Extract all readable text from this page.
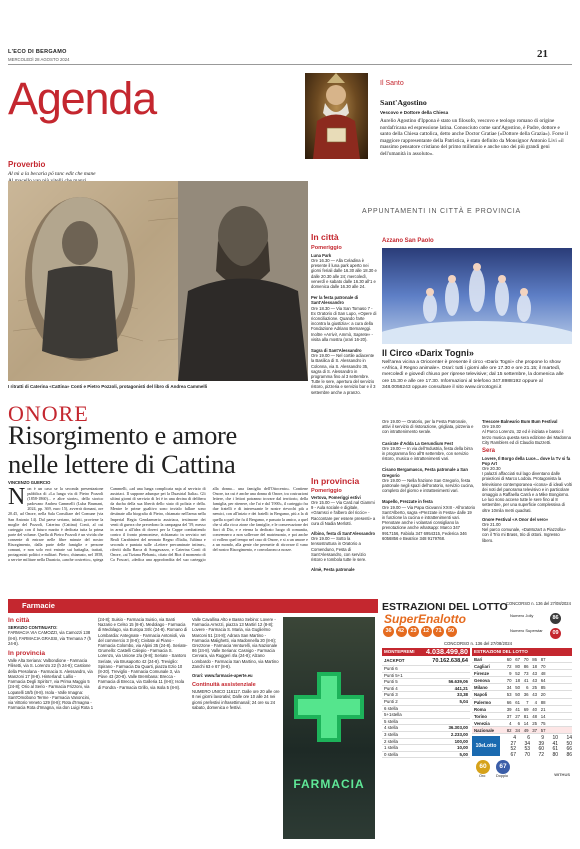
L'ECO DI BERGAMO
MERCOLEDÌ 28 AGOSTO 2024	21
Agenda
Proverbio
Al mì a la becarìa pö tanc edìt che mane
Il Santo
Sant'Agostino
Vescovo e Dottore della Chiesa
Aurelio Agostino d'Ippona è stato un filosofo, vescovo e teologo romano di origine nordafricana ed espressione latina. Conosciuto come sant'Agostino, è Padre, dottore e santo della Chiesa cattolica, detto anche Doctor Gratiae («Dottore della Grazia»). Forse il maggiore rappresentante della Patristica, è stato definito da Monsignor Antonio Livi «il massimo pensatore cristiano del primo millennio e anche uno dei più grandi geni dell'umanità in assoluto».
I ritratti di Caterina «Cattina» Conti e Pietro Pozzoli, protagonisti del libro di Andrea Cammelli
ONORE
Risorgimento e amore
nelle lettere di Cattina
VINCENZO GUERCIO
Non è un caso se la seconda presentazione pubblica di «La lunga via di Pietro Pozzoli (1858-1860)... e altre storie», dello storico padovano Andrea Cammelli (Luba Brumani, 2024, pp. 369, euro 15), avverrà domani, ore 20.45, ad Onore, nella Sala Consiliare del Comune (via San Antonio 14). Dal paese seriano, infatti, proviene la moglie del Pozzoli, Caterina (Cattina) Conti, al cui carteggio con il futuro marito è dedicata tutta la prima parte del volume. Quella di Pietro Pozzoli è un vivida che consente di entrare nelle fibre minute del nostro Risorgimento, dalla parte delle famiglie e persone comuni, e non solo eroi entrate sui battaglia, trattati, protagonisti politici e militari. Pietro, chiamato, nel 1858, a servire militare nella Duastria, «anche costretto», spiega Cammelli, «ad una lunga complicata naja al servizio di austriaci. Il suppone adunque pei la Duastrial Italia». Gli ultimi giorni di servizio di lei è in una decina di delibera da ducha della sua libertà dello stato di polizia e della. Mentre le prime gualtivo sono invialo fallare sono destinate alla biografia di Pietro, chiamato nell'arma nella Imperial Regia Gendarmeria austriaca, testimone dei venti di guerra che precedono la campagna del '59, messo in armi a all'idea di doveri per la Cappe combattendo contro il fronto piemontese, richiamato in servizio nei Reali Carabinieri del neonato Regno d'Italia, l'ultima e seconda e puntata sulle «Lettere precuminate intime», riferiti dalla Barca di Songavazzo, e Caterina Conti di Onore, «ai Tiziana Plebani», citato del Biot il momento di Ca Foscari, «dedica una approfondita del suo carteggio alla donna... una famiglia dell'Ottocento». Contiene Onore, tra cui è anche una donna di Onore, tra costruzioni lettere, che i lettori potranno trovare dal territorio, della famiglia, per ritenere, che l'ai e dal '1900», il carteggio fra due fratelli e di interessante le nostre rievochi più a nemici, con all'inizio e dei fratelli in Bergamo, più a la di quella a quel che fu il Bergamo, e passato la amico, a quel che sì alla ricca zione che famiglie, e le conservazione dei fiori di Dio, e e eterna la dedicato luogo di comunita, convennero a non sollevare del matrimonio, e poi anche ci vollero quel tempo nel caso di Onore, e si a un amore e a un mondo, alla gente che permette di ritrovare il vano del nostro Risorgimento, e convolarono a nozze.
APPUNTAMENTI IN CITTÀ E PROVINCIA
In città
Pomeriggio
Luna Park
Ore 16.30 — Alla Celadina è presente il luna park aperto nei giorni feriali dalle 16.30 alle 18.30 e dalle 20.30 alle 24; mercoledì, venerdì e sabato dalle 16.30 all'1 e domenica dalle 16.30 alle 24.
Per la festa patronale di Sant'Alessandro
Ore 18.30 — Via San Tomaso 7 - Ex Oratorio di San Lupo, «Opere di riconciliazione. Quando l'arte incontra la giustizia»: a cura della Fondazione Adriano Bernareggi. Inoltre «Arrivi!, Ammò, Saprete» - visita alla mostra (orari 16-20).
Sagra di Sant'Alessandro
Ore 19.00 — Nel cortile adiacente la Basilica di S. Alessandro in Colonna, via S. Alessandro 35, sagra di S. Alessandro in programma fino al 3 settembre. Tutte le sere, apertura del servizio ristoro, pizzeria e servizio bar e il 3 settembre anche a pranzo.
In provincia
Pomeriggio
Vertova, Pomeriggi estivi
Ore 15.00 — Via Card.nal Giammi 9 - Aula sociale e digitale, «Gramsci e l'albero del riccio» - Raccontare per essere presenti» a cura di Nadia Merlotti.
Albino, festa di Sant'Alessandro
Ore 19.00 — Sotto la tensostruttura in Oratorio a Comenduno, Festa di Sant'Alessandro, con servizio ristoro e tombola tutte le sere.
Almè, Festa patronale
Azzano San Paolo
Il Circo «Darix Togni»
Nell'area vicina a Oriocenter è presente il circo «Darix Togni» che propone lo show «Africa, il Regno animale». Orari: tutti i giorni alle ore 17.30 e ore 21.15; il martedì, mercoledì e giovedì chiuso per riprese televisive; dal 15 settembre, la domenica alle ore 15.30 e alle ore 17.30. Informazioni al telefono 347.8988192 oppure al 348.0056243 oppure consultare il sito www.circotogni.it
Ore 19.00 — Oratorio, per la Festa Patronale, attivi il servizio di ristorazione, grigliata, pizzeria e con intrattenimento serale.
Casirate d'Adda La Gerundium Fest
Ore 19.00 — In via dell'Industria, festa della birra in programma fino all'8 settembre, con servizio ristoro, musica e intrattenimenti vari.
Cisano Bergamasco, Festa patronale a San Gregorio
Ore 19.00 — Nella frazione San Gregorio, festa patronale negli spazi dell'oratorio, servizio cucina, completo del giorno e intrattenimenti vari.
Mapello, Prezzate in festa
Ore 19.00 — Via Papa Giovanni XXIII - All'oratorio Sant'Alberto, sagra «Prezzate in Festa» dalle 19 in funzione la cucina e intrattenimenti vari. Prenotare anche i volantari consigliano la prenotazione anche whatsapp: Marco 347 9917156, Fabiola 347 6954315, Federica 346 6056856 e Beatrice 348 9179768.
Trescore Balneario Bum Bum Festival
Ore 19.00
Al Parco Lorenzo, 32 ed è iniziata e basso il terzo musica questa sera edizione dei Madonna City Ramblers ed di Claudio Buzzetti.
Sera
Lovere, Il Borgo della Luce... dove la Tv si fa Pop Art
Ore 20.30
I palazzi affacciati sul lago diventano dalle proiezioni di Marco Lodola. Protagonista la televisione contemporanea «icona» di ideali volti dei noti del panorama televisivo e in particolare omaggio a Raffaella Carrà e a Mike Bongiorno. Le luci sono accese tutte le sere fino al 8 settembre, per una superficie complessiva di oltre 10mila metri quadrati.
Onore Festival «A Onor del vero»
Ore 21.00
Nel parco comunale, «DaMozart a Piazzolla» con il Trio mi Brass, trio di ottoni. Ingresso libero.
Farmacie
In città
SERVIZIO CONTINUATO:
FARMACIA VIA CAMOZZI, via Camozzi 138 (8-8). FARMACIA GRASSI, via Tremana 7 (h 24-8).
In provincia
Valle Alta Seriana: Valbondione - Farmacia Filisetti, via S. Lorenzo 22 (h 24-8); Castione della Presolana - Farmacia S. Alessandro, via Manzoni 17 (8-8). Hinterland: Lallio - Farmacia Degli Spirito?, via Prima Maggio 5 (24-8); Orio al Serio - Farmacia Frizzoni, via Lopatelli 18/b (8-8). Isola - Valle Imagna: Sant'Omobono Terme - Farmacia Vanoncini, via Vittorio Veneto 129 (8-8); Rota d'Imagna - Farmacia Rota d'Imagna, via don Luigi Rota 1
(24-8); Suisio - Farmacia Suisio, via Santi Nazario e Celso 15 (8-8). Medolago - Farmacia di Medolago, via Europa 34/c (24-8). Romano di Lombardia: Antegnate - Farmacia Antonioli, via del commercio 3 (8-8); Civitate al Piano - Farmacia Colombo, via Alpini 35 (24-8). Seriate-Grumello: Castelli Calepio - Farmacia S. Lorenzo, via Unione 2/a (8-8); Seriate - Santoro Seriate, via Brusaporto 42 (24-8). Treviglio: Spirano - Farmacia Da Quarti, piazza Ezio 10 (8-20). Treviglio - Farmacia Comunale 3, via Pùve 43 (20-8). Valle Brembana: Brecca - Farmacia di Brecca, via Galleria 11 (8-8); Isola di Fondra - Farmacia Grillo, via Isola 5 (8-8).
Valle Cavallina Alto e Basso Sebino: Lovere - Farmacia Arrezzi, piazza 13 Martiri 12 (8-8); Lovere - Farmacia S. Maria, via Guglielmo Marconi 51 (24-8); Adrara San Martino - Farmacia Malighetti, via Madonnella 20 (8-8); Grezzone - Farmacia Venturelli, via Nazionale 86 (24-8). Valle Seriana: Casnigo - Farmacia Cervara, via Ruggeri 4/a (24-8); Alzano Lombardo - Farmacia San Martino, via Martino Zanchi 63 e 67 (8-8).
Orari: www.farmacie-aperte.eu
Continuità assistenziale
NUMERO UNICO 116117. Dalle ore 20 alle ore 8 nei giorni lavorativi; Dalle ore 10 alle 24 nei giorni prefestivi infrasettimanali; 24 ore su 24 sabato, domenica e festivi.
FARMACIA
ESTRAZIONI DEL LOTTO
CONCORSO n. 136 del 27/08/2024
SuperEnalotto
36	42	23	12	71	50
Numero Jolly	86
Numero Superstar	09
CONCORSO n. 136 del 27/08/2024
MONTEPREMI 4.038.499,80
JACKPOT	70.162.638,64
Punti 6
Punti 5+1
Punti 5	56.639,06
Punti 4	441,21
Punti 3	33,38
Punti 2	5,04
6 stella
5+1stella
5 stella
4 stella	36.303,00
3 stella	2.233,00
2 stella	100,00
1 stella	10,00
0 stella	5,00
ESTRAZIONI DEL LOTTO
Bari	60 67 70 86 87
Cagliari	72 80 86 18 70
Firenze	9 52 73 43 48
Genova	70 18 41 43 64
Milano	34 50	6 25 85
Napoli	53 50 36 43 20
Palermo	66 61	7	4 88
Roma	39 41 69 40 21
Torino	37 27 81 48 14
Venezia	4	6 14 25 75
Nazionale	82 34 49 37 57
10eLotto
4	6	9	10	14
27	34	39	41	50
52	53	60	61	66
67	70	72	80	86
60	67
Oro	Doppio	WITHUS
